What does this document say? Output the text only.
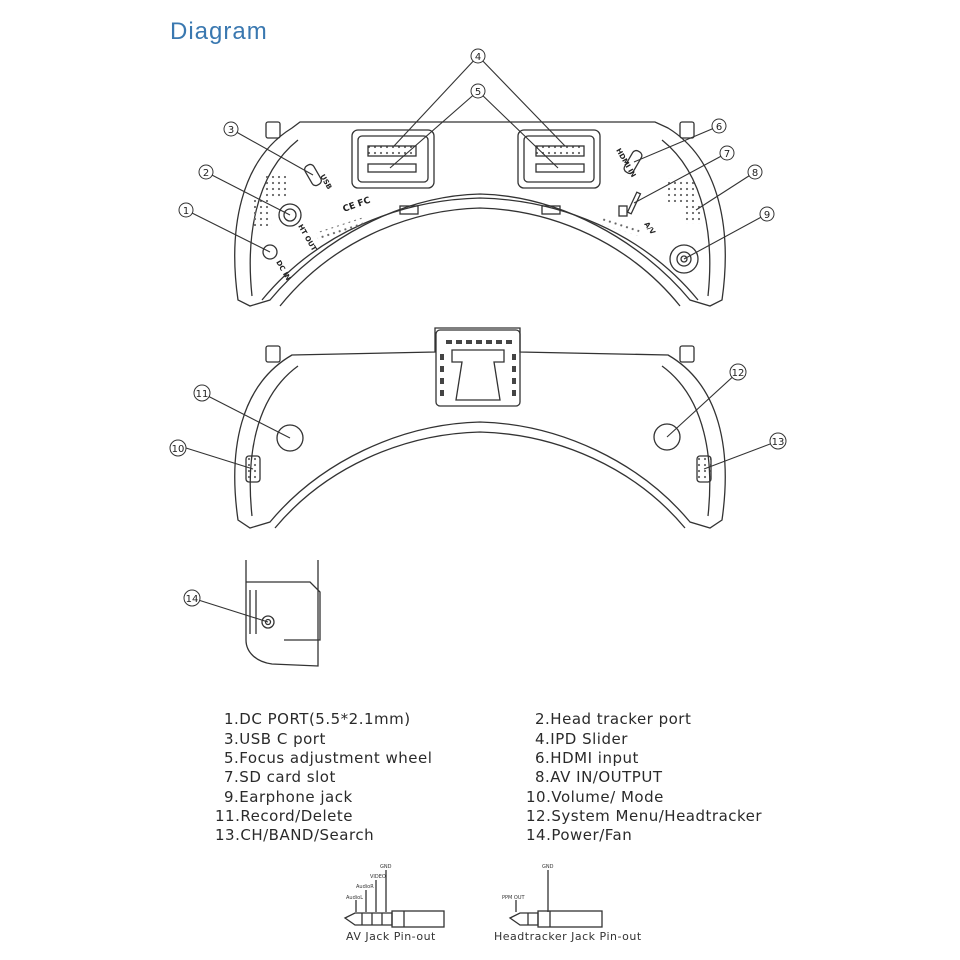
Diagram
1
2
3
4
5
6
7
8
9
10
11
12
13
14
DC IN
HT OUT
USB
HDMI IN
A/V
CE FC
AudioL
AudioR
VIDEO
GND
PPM OUT
GND
1.DC PORT(5.5*2.1mm)	2.Head tracker port
3.USB C port	4.IPD Slider
5.Focus adjustment wheel	6.HDMI input
7.SD card slot	8.AV IN/OUTPUT
9.Earphone jack	10.Volume/ Mode
11.Record/Delete	12.System Menu/Headtracker
13.CH/BAND/Search	14.Power/Fan
AV Jack Pin-out	Headtracker Jack Pin-out
